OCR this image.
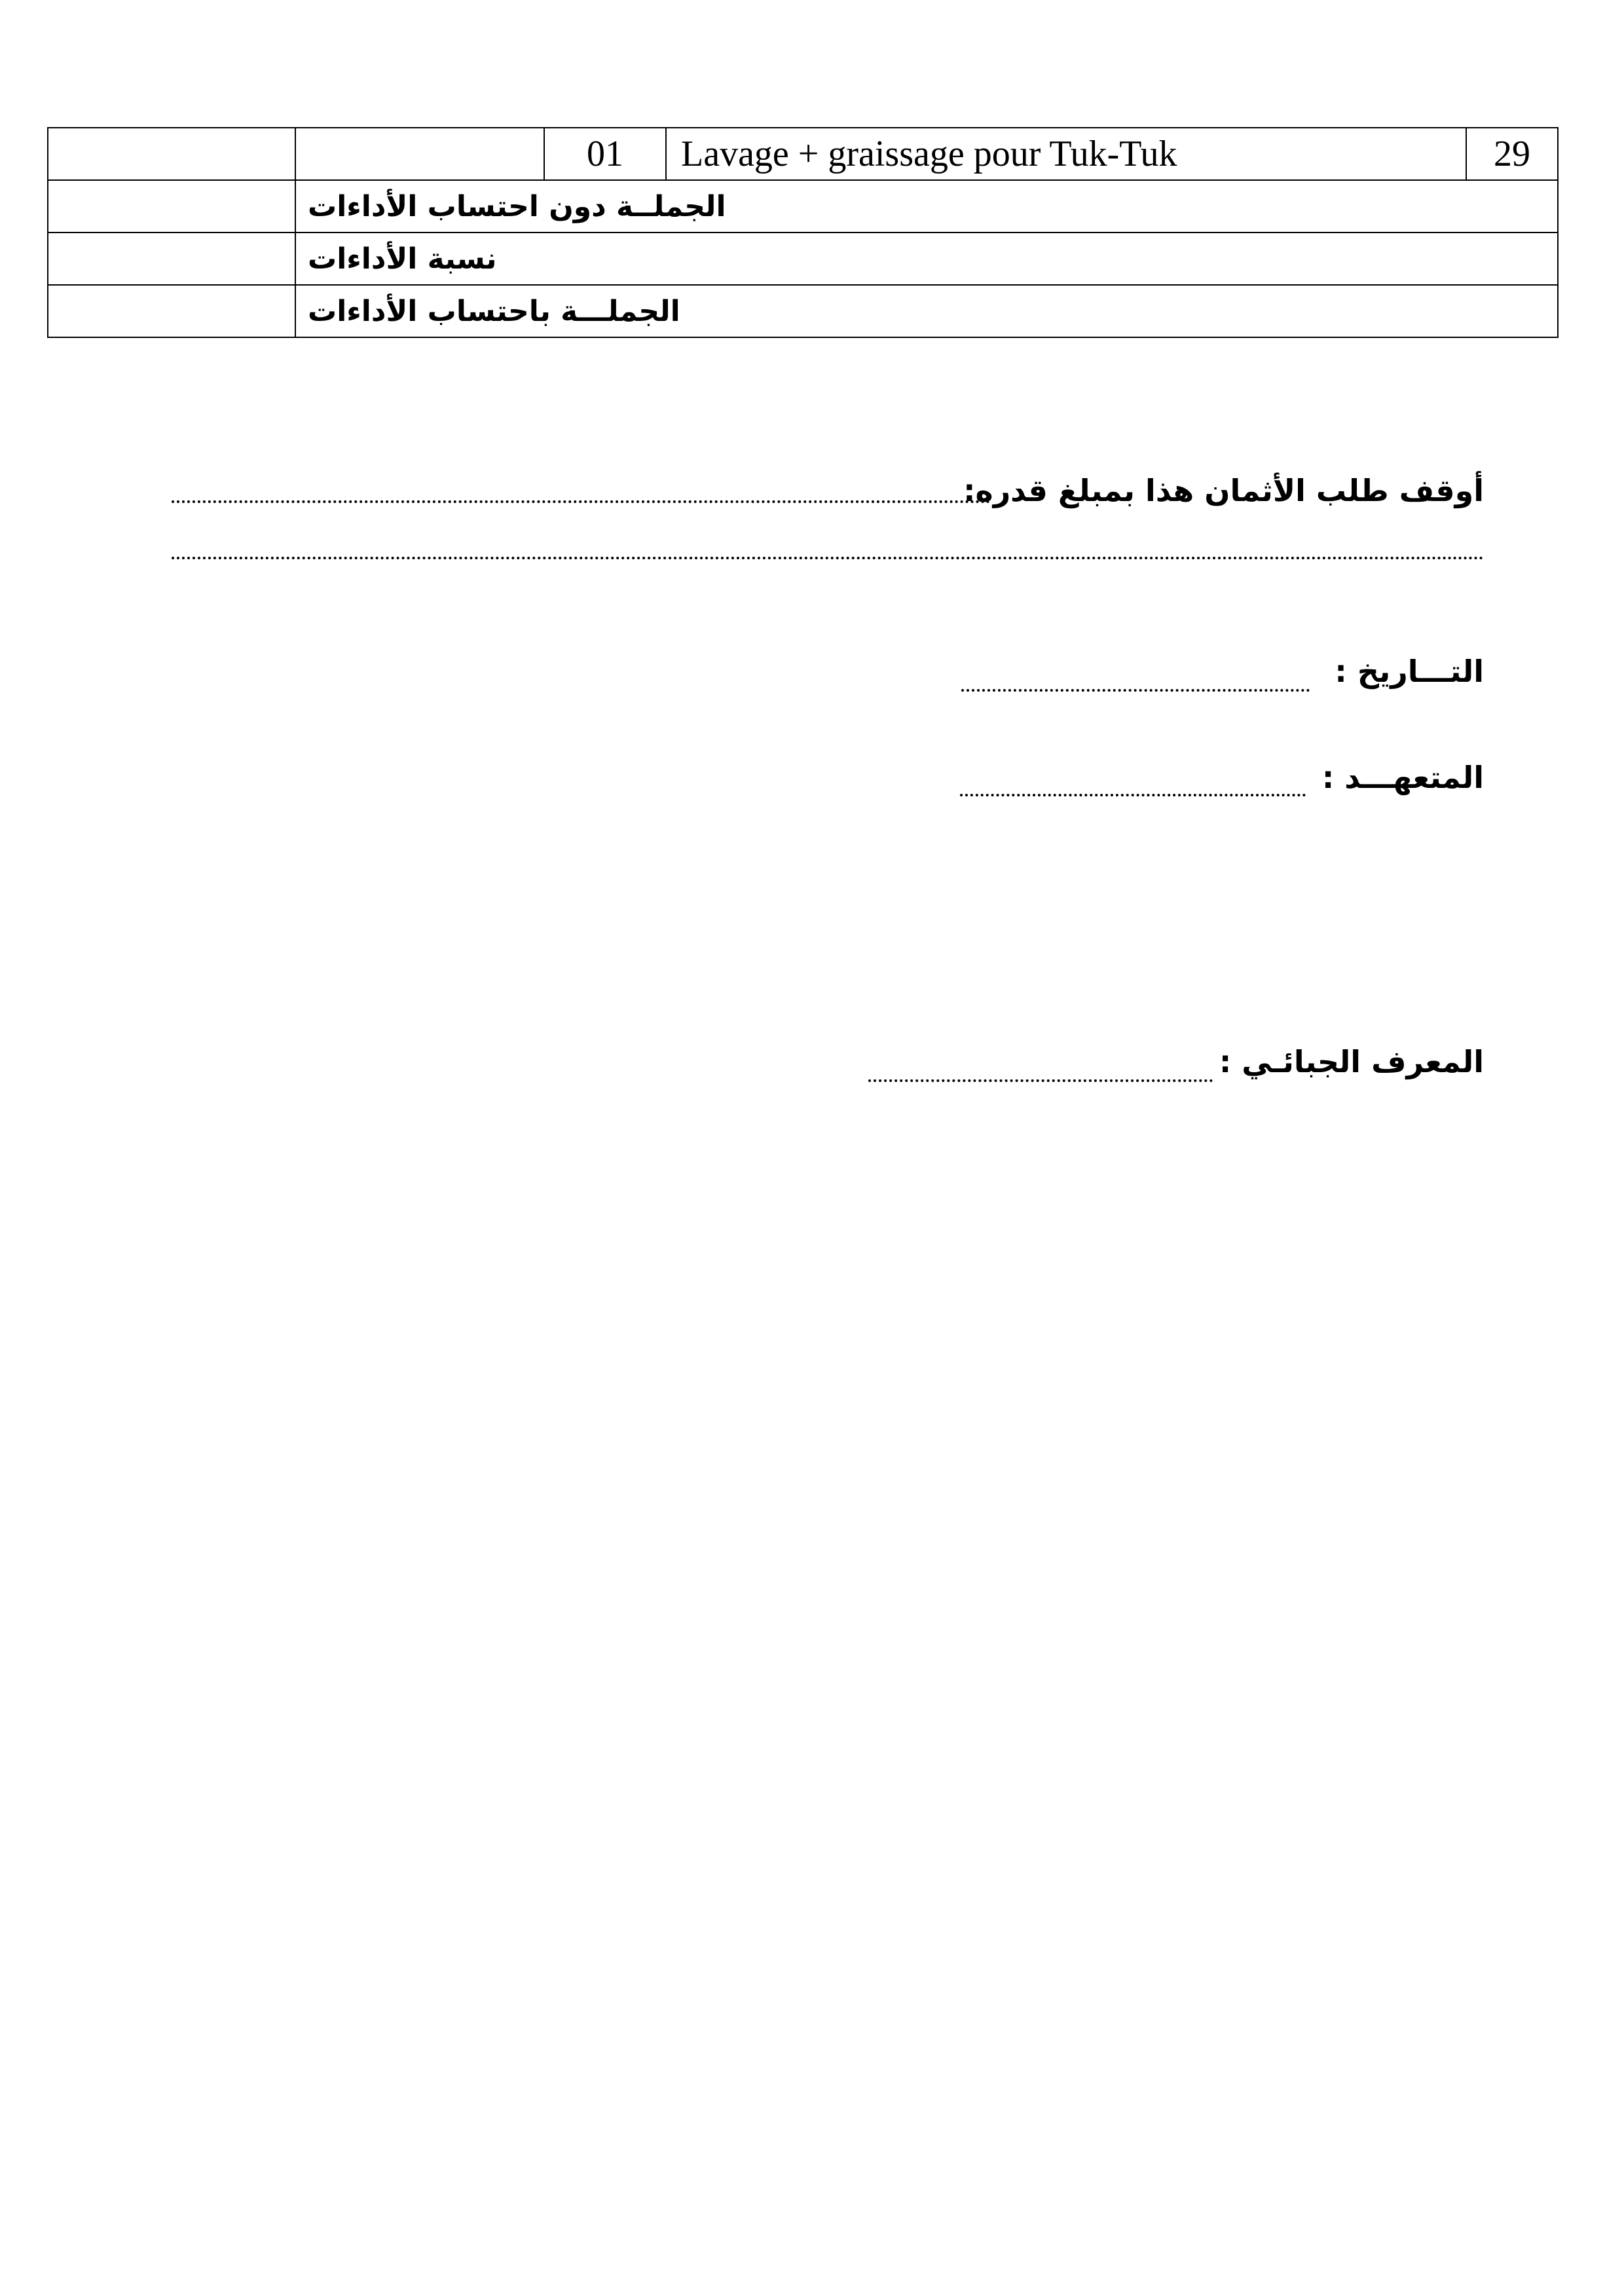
		01	Lavage + graissage pour Tuk-Tuk	29
	الجملــة دون احتساب الأداءات			
	نسبة الأداءات			
	الجملـــة باحتساب الأداءات			
أوقف طلب الأثمان هذا بمبلغ قدره:
التـــاريخ :
المتعهـــد :
المعرف الجبائـي :
